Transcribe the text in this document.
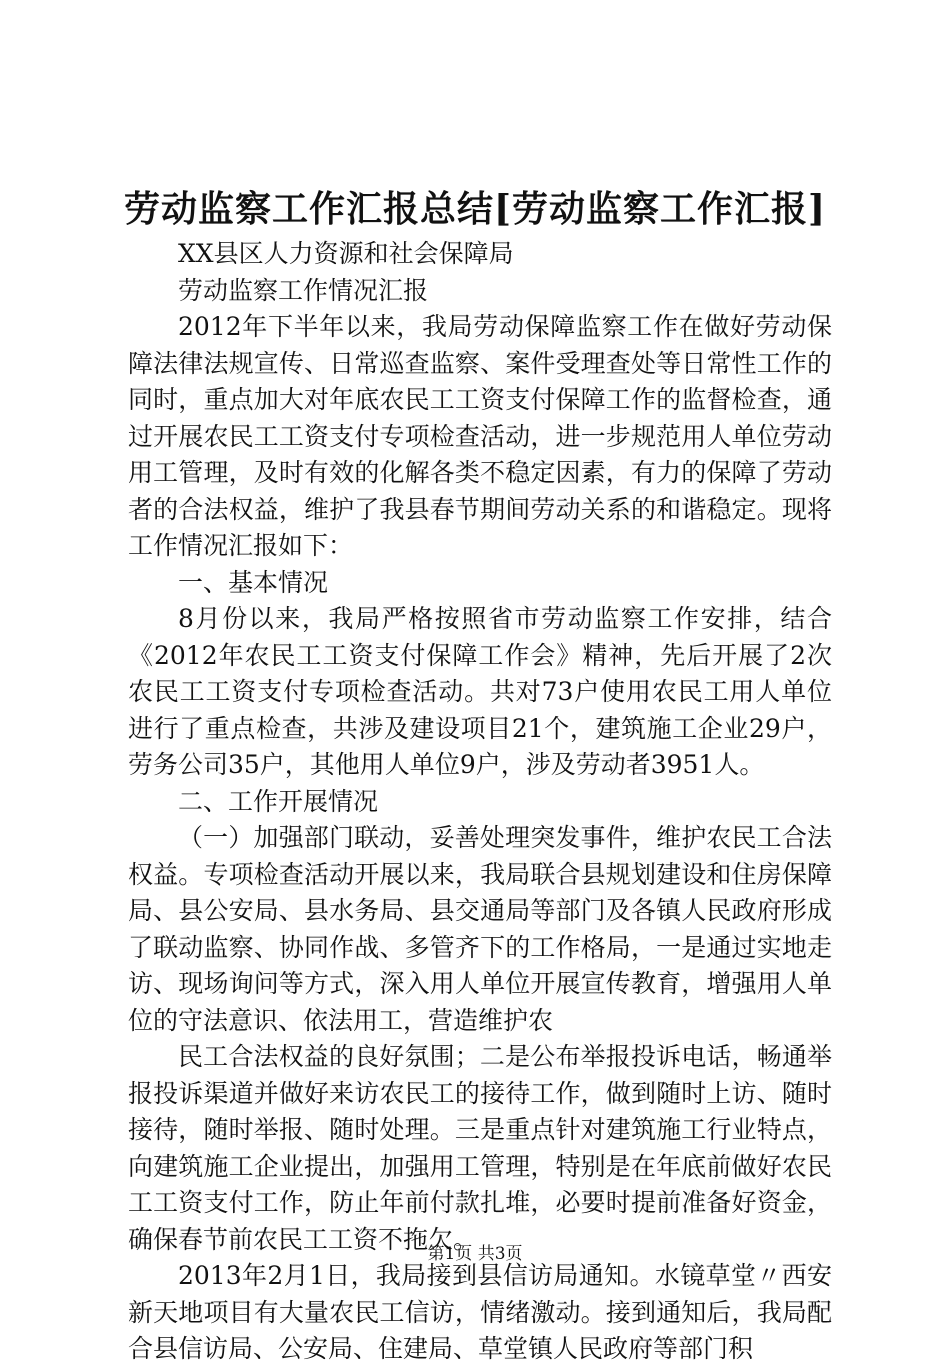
劳动监察工作汇报总结[劳动监察工作汇报]

XX县区人力资源和社会保障局

劳动监察工作情况汇报

2012年下半年以来，我局劳动保障监察工作在做好劳动保障法律法规宣传、日常巡查监察、案件受理查处等日常性工作的同时，重点加大对年底农民工工资支付保障工作的监督检查，通过开展农民工工资支付专项检查活动，进一步规范用人单位劳动用工管理，及时有效的化解各类不稳定因素，有力的保障了劳动者的合法权益，维护了我县春节期间劳动关系的和谐稳定。现将工作情况汇报如下：

一、基本情况

8月份以来，我局严格按照省市劳动监察工作安排，结合《2012年农民工工资支付保障工作会》精神，先后开展了2次农民工工资支付专项检查活动。共对73户使用农民工用人单位进行了重点检查，共涉及建设项目21个，建筑施工企业29户，劳务公司35户，其他用人单位9户，涉及劳动者3951人。

二、工作开展情况

（一）加强部门联动，妥善处理突发事件，维护农民工合法权益。专项检查活动开展以来，我局联合县规划建设和住房保障局、县公安局、县水务局、县交通局等部门及各镇人民政府形成了联动监察、协同作战、多管齐下的工作格局，一是通过实地走访、现场询问等方式，深入用人单位开展宣传教育，增强用人单位的守法意识、依法用工，营造维护农

民工合法权益的良好氛围；二是公布举报投诉电话，畅通举报投诉渠道并做好来访农民工的接待工作，做到随时上访、随时接待，随时举报、随时处理。三是重点针对建筑施工行业特点，向建筑施工企业提出，加强用工管理，特别是在年底前做好农民工工资支付工作，防止年前付款扎堆，必要时提前准备好资金，确保春节前农民工工资不拖欠。

2013年2月1日，我局接到县信访局通知。水镜草堂〃西安新天地项目有大量农民工信访，情绪激动。接到通知后，我局配合县信访局、公安局、住建局、草堂镇人民政府等部门积

第1页 共3页
